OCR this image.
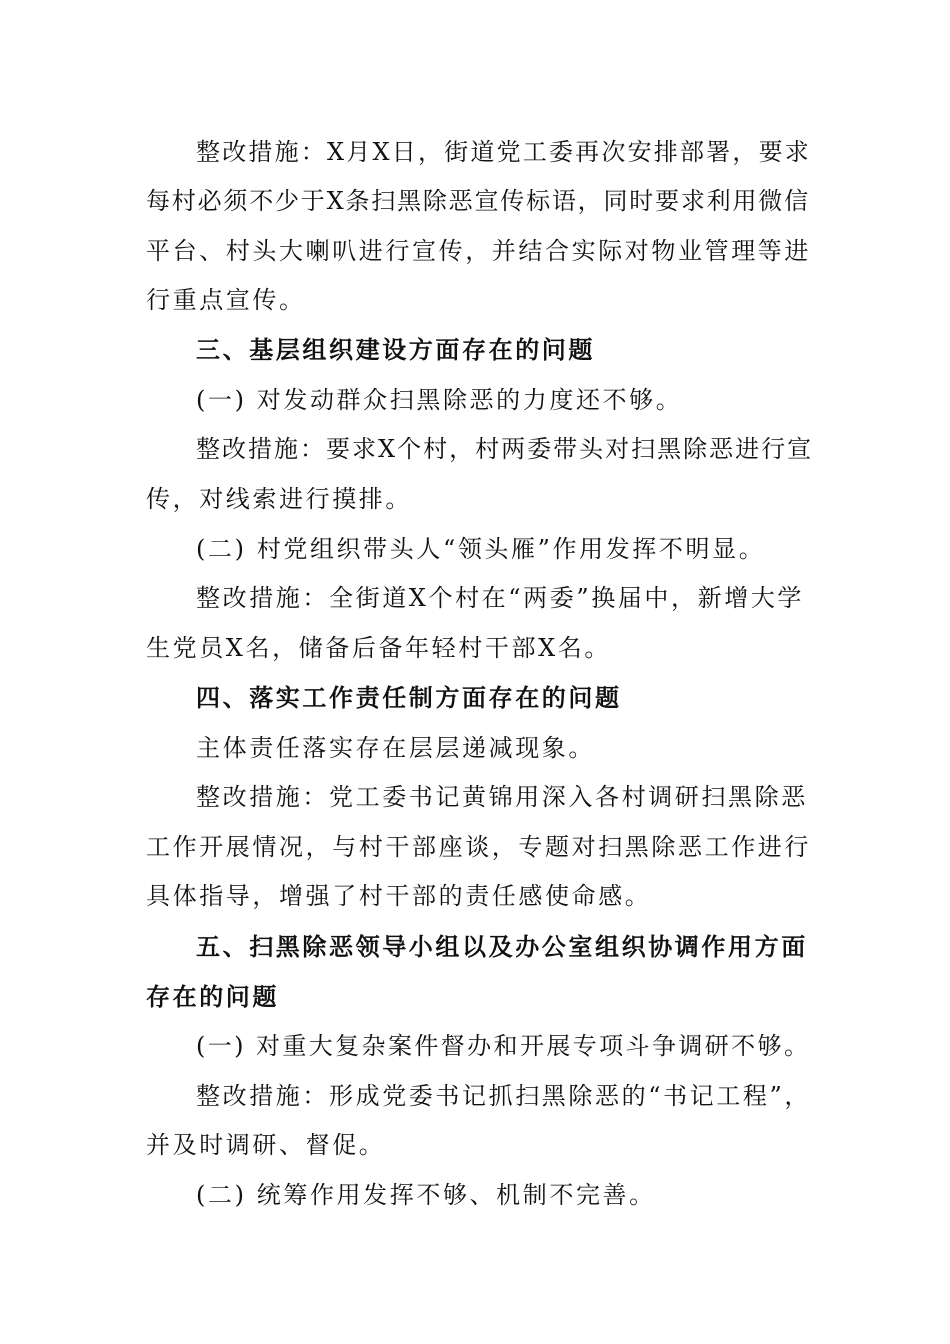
整改措施：X月X日，街道党工委再次安排部署，要求
每村必须不少于X条扫黑除恶宣传标语，同时要求利用微信
平台、村头大喇叭进行宣传，并结合实际对物业管理等进
行重点宣传。
三、基层组织建设方面存在的问题
(一) 对发动群众扫黑除恶的力度还不够。
整改措施：要求X个村，村两委带头对扫黑除恶进行宣
传，对线索进行摸排。
(二) 村党组织带头人“领头雁”作用发挥不明显。
整改措施：全街道X个村在“两委”换届中，新增大学
生党员X名，储备后备年轻村干部X名。
四、落实工作责任制方面存在的问题
主体责任落实存在层层递减现象。
整改措施：党工委书记黄锦用深入各村调研扫黑除恶
工作开展情况，与村干部座谈，专题对扫黑除恶工作进行
具体指导，增强了村干部的责任感使命感。
五、扫黑除恶领导小组以及办公室组织协调作用方面
存在的问题
(一) 对重大复杂案件督办和开展专项斗争调研不够。
整改措施：形成党委书记抓扫黑除恶的“书记工程”，
并及时调研、督促。
(二) 统筹作用发挥不够、机制不完善。
